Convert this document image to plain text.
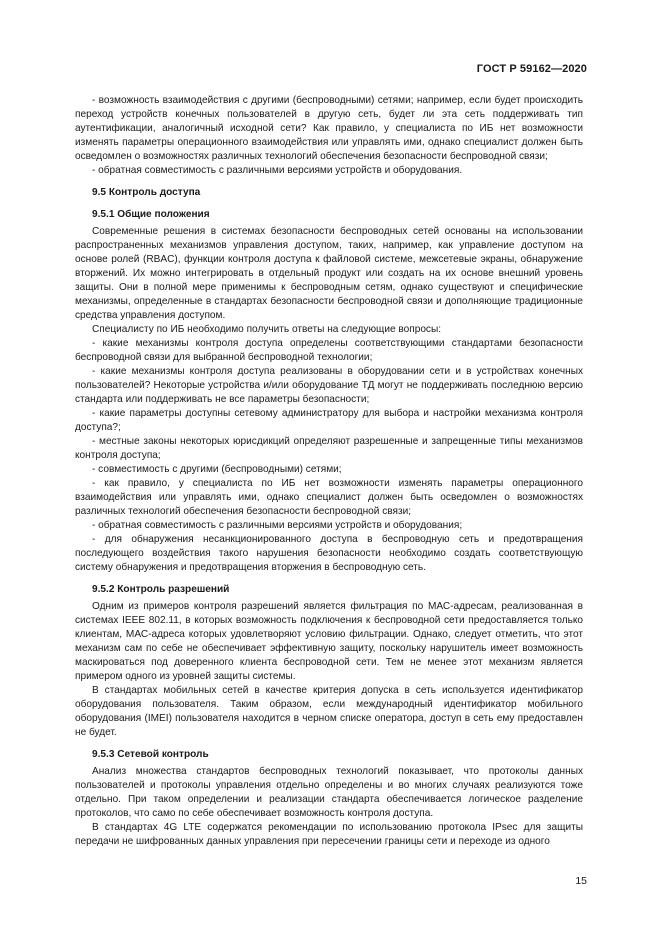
ГОСТ Р 59162—2020

- возможность взаимодействия с другими (беспроводными) сетями; например, если будет происходить переход устройств конечных пользователей в другую сеть, будет ли эта сеть поддерживать тип аутентификации, аналогичный исходной сети? Как правило, у специалиста по ИБ нет возможности изменять параметры операционного взаимодействия или управлять ими, однако специалист должен быть осведомлен о возможностях различных технологий обеспечения безопасности беспроводной связи;

- обратная совместимость с различными версиями устройств и оборудования.

9.5 Контроль доступа
9.5.1 Общие положения

Современные решения в системах безопасности беспроводных сетей основаны на использовании распространенных механизмов управления доступом, таких, например, как управление доступом на основе ролей (RBAC), функции контроля доступа к файловой системе, межсетевые экраны, обнаружение вторжений. Их можно интегрировать в отдельный продукт или создать на их основе внешний уровень защиты. Они в полной мере применимы к беспроводным сетям, однако существуют и специфические механизмы, определенные в стандартах безопасности беспроводной связи и дополняющие традиционные средства управления доступом.

Специалисту по ИБ необходимо получить ответы на следующие вопросы:

- какие механизмы контроля доступа определены соответствующими стандартами безопасности беспроводной связи для выбранной беспроводной технологии;

- какие механизмы контроля доступа реализованы в оборудовании сети и в устройствах конечных пользователей? Некоторые устройства и/или оборудование ТД могут не поддерживать последнюю версию стандарта или поддерживать не все параметры безопасности;

- какие параметры доступны сетевому администратору для выбора и настройки механизма контроля доступа?;

- местные законы некоторых юрисдикций определяют разрешенные и запрещенные типы механизмов контроля доступа;

- совместимость с другими (беспроводными) сетями;

- как правило, у специалиста по ИБ нет возможности изменять параметры операционного взаимодействия или управлять ими, однако специалист должен быть осведомлен о возможностях различных технологий обеспечения безопасности беспроводной связи;

- обратная совместимость с различными версиями устройств и оборудования;

- для обнаружения несанкционированного доступа в беспроводную сеть и предотвращения последующего воздействия такого нарушения безопасности необходимо создать соответствующую систему обнаружения и предотвращения вторжения в беспроводную сеть.

9.5.2 Контроль разрешений

Одним из примеров контроля разрешений является фильтрация по МАС-адресам, реализованная в системах IEEE 802.11, в которых возможность подключения к беспроводной сети предоставляется только клиентам, МАС-адреса которых удовлетворяют условию фильтрации. Однако, следует отметить, что этот механизм сам по себе не обеспечивает эффективную защиту, поскольку нарушитель имеет возможность маскироваться под доверенного клиента беспроводной сети. Тем не менее этот механизм является примером одного из уровней защиты системы.

В стандартах мобильных сетей в качестве критерия допуска в сеть используется идентификатор оборудования пользователя. Таким образом, если международный идентификатор мобильного оборудования (IMEI) пользователя находится в черном списке оператора, доступ в сеть ему предоставлен не будет.

9.5.3 Сетевой контроль

Анализ множества стандартов беспроводных технологий показывает, что протоколы данных пользователей и протоколы управления отдельно определены и во многих случаях реализуются тоже отдельно. При таком определении и реализации стандарта обеспечивается логическое разделение протоколов, что само по себе обеспечивает возможность контроля доступа.

В стандартах 4G LTE содержатся рекомендации по использованию протокола IPsec для защиты передачи не шифрованных данных управления при пересечении границы сети и переходе из одного

15
